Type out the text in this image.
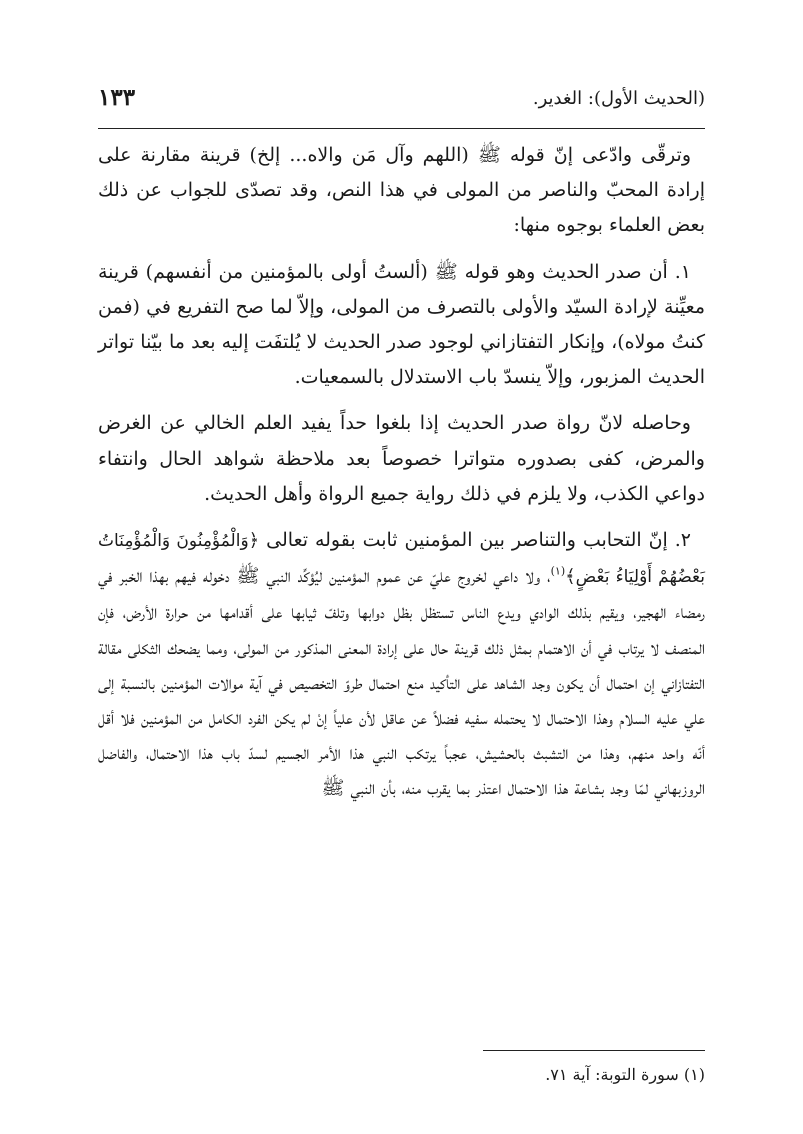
(الحديث الأول): الغدير.
١٣٣

وترقّى وادّعى إنّ قوله ﷺ (اللهم وآل مَن والاه... إلخ) قرينة مقارنة على إرادة المحبّ والناصر من المولى في هذا النص، وقد تصدّى للجواب عن ذلك بعض العلماء بوجوه منها:

١. أن صدر الحديث وهو قوله ﷺ (ألستُ أولى بالمؤمنين من أنفسهم) قرينة معيِّنة لإرادة السيّد والأولى بالتصرف من المولى، وإلاّ لما صح التفريع في (فمن كنتُ مولاه)، وإنكار التفتازاني لوجود صدر الحديث لا يُلتفَت إليه بعد ما بيّنا تواتر الحديث المزبور، وإلاّ ينسدّ باب الاستدلال بالسمعيات.

وحاصله لانّ رواة صدر الحديث إذا بلغوا حداً يفيد العلم الخالي عن الغرض والمرض، كفى بصدوره متواترا خصوصاً بعد ملاحظة شواهد الحال وانتفاء دواعي الكذب، ولا يلزم في ذلك رواية جميع الرواة وأهل الحديث.

٢. إنّ التحابب والتناصر بين المؤمنين ثابت بقوله تعالى ﴿وَالْمُؤْمِنُونَ وَالْمُؤْمِنَاتُ بَعْضُهُمْ أَوْلِيَاءُ بَعْضٍ﴾$^{(١)}$، ولا داعي لخروج عليّ عن عموم المؤمنين ليُؤكِّد النبي ﷺ دخوله فيهم بهذا الخبر في رمضاء الهجير، ويقيم بذلك الوادي ويدع الناس تستظل بظل دوابها وتلفّ ثيابها على أقدامها من حرارة الأرض، فإن المنصف لا يرتاب في أن الاهتمام بمثل ذلك قرينة حال على إرادة المعنى المذكور من المولى، ومما يضحك الثكلى مقالة التفتازاني إن احتمال أن يكون وجد الشاهد على التأكيد منع احتمال طروّ التخصيص في آية موالات المؤمنين بالنسبة إلى علي عليه السلام وهذا الاحتمال لا يحتمله سفيه فضلاً عن عاقل لأن علياً إنْ لم يكن الفرد الكامل من المؤمنين فلا أقل أنّه واحد منهم، وهذا من التشبث بالحشيش، عجباً يرتكب النبي هذا الأمر الجسيم لسدّ باب هذا الاحتمال، والفاضل الروزبهاني لمّا وجد بشاعة هذا الاحتمال اعتذر بما يقرب منه، بأن النبي ﷺ

(١) سورة التوبة: آية ٧١.
